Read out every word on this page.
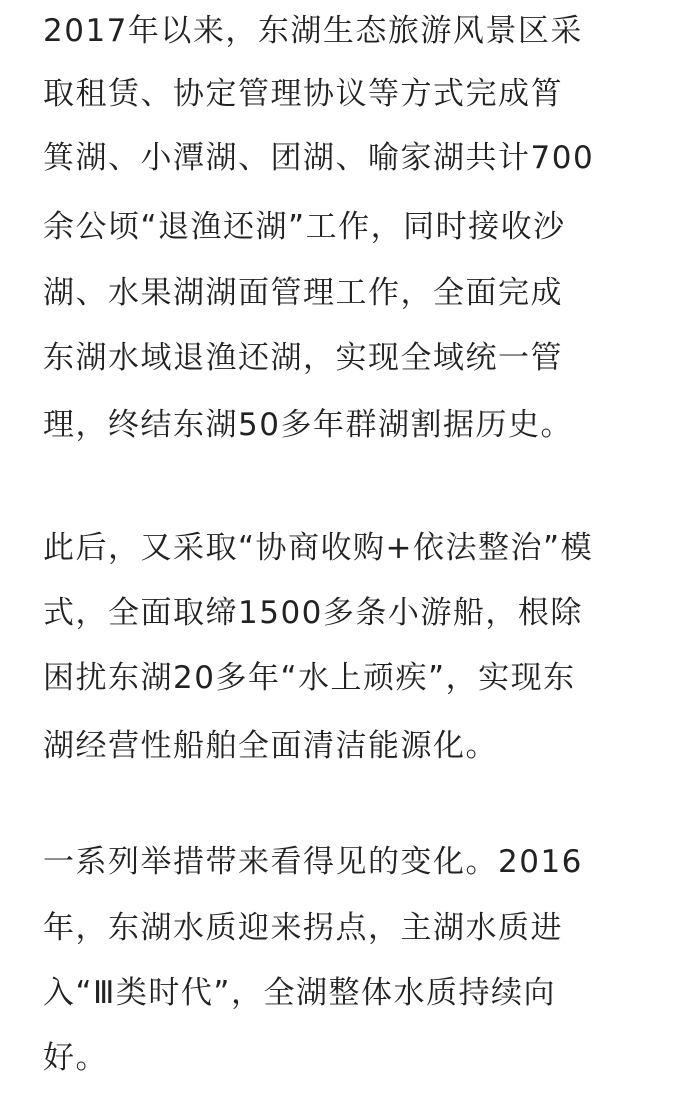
2017年以来，东湖生态旅游风景区采
取租赁、协定管理协议等方式完成筲
箕湖、小潭湖、团湖、喻家湖共计700
余公顷“退渔还湖”工作，同时接收沙
湖、水果湖湖面管理工作，全面完成
东湖水域退渔还湖，实现全域统一管
理，终结东湖50多年群湖割据历史。
此后，又采取“协商收购+依法整治”模
式，全面取缔1500多条小游船，根除
困扰东湖20多年“水上顽疾”，实现东
湖经营性船舶全面清洁能源化。
一系列举措带来看得见的变化。2016
年，东湖水质迎来拐点，主湖水质进
入“Ⅲ类时代”，全湖整体水质持续向
好。
